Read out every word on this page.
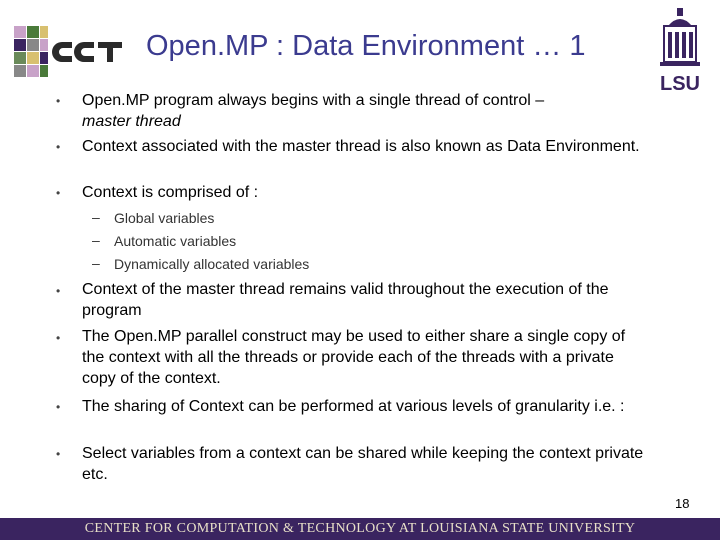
Open.MP : Data Environment … 1
LSU
• Open.MP program always begins with a single thread of control –
master thread
• Context associated with the master thread is also known as Data Environment.
• Context is comprised of :
– Global variables
– Automatic variables
– Dynamically allocated variables
• Context of the master thread remains valid throughout the execution of the program
• The Open.MP parallel construct may be used to either share a single copy of the context with all the threads or provide each of the threads with a private copy of the context.
• The sharing of Context can be performed at various levels of granularity i.e. :
• Select variables from a context can be shared while keeping the context private etc.
18
CENTER FOR COMPUTATION & TECHNOLOGY AT LOUISIANA STATE UNIVERSITY
